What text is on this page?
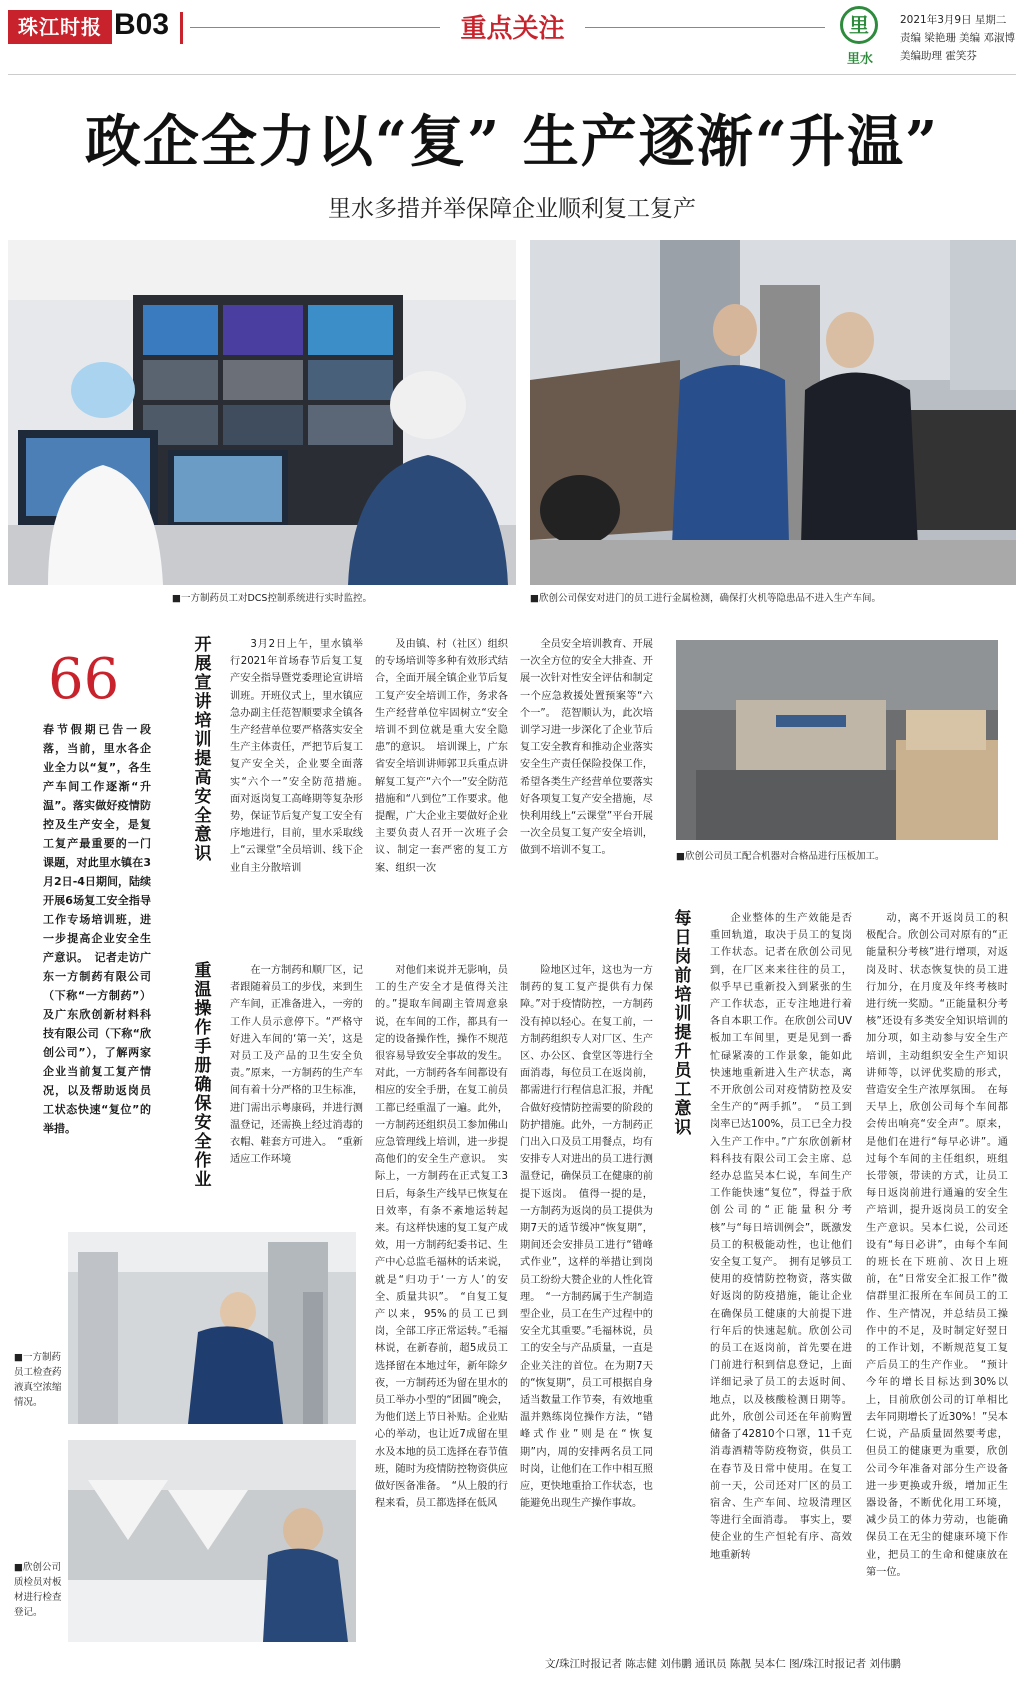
珠江时报 B03	重点关注	里
里水
2021年3月9日 星期二
责编 梁艳珊 美编 邓淑博
美编助理 霍笑芬
政企全力以“复” 生产逐渐“升温”
里水多措并举保障企业顺利复工复产
■一方制药员工对DCS控制系统进行实时监控。	■欣创公司保安对进门的员工进行金属检测，确保打火机等隐患品不进入生产车间。
66
春节假期已告一段落，当前，里水各企业全力以“复”，各生产车间工作逐渐“升温”。落实做好疫情防控及生产安全，是复工复产最重要的一门课题，对此里水镇在3月2日-4日期间，陆续开展6场复工安全指导工作专场培训班，进一步提高企业安全生产意识。　记者走访广东一方制药有限公司（下称“一方制药”）及广东欣创新材料科技有限公司（下称“欣创公司”），了解两家企业当前复工复产情况，以及帮助返岗员工状态快速“复位”的举措。
开展宣讲培训 提高安全意识

3月2日上午，里水镇举行2021年首场春节后复工复产安全指导暨党委理论宣讲培训班。开班仪式上，里水镇应急办副主任范智顺要求全镇各生产经营单位要严格落实安全生产主体责任，严把节后复工复产安全关，企业要全面落实“六个一”安全防范措施。　面对返岗复工高峰期等复杂形势，保证节后复产复工安全有序地进行，目前，里水采取线上“云课堂”全员培训、线下企业自主分散培训

及由镇、村（社区）组织的专场培训等多种有效形式结合，全面开展全镇企业节后复工复产安全培训工作，务求各生产经营单位牢固树立“安全培训不到位就是重大安全隐患”的意识。　培训课上，广东省安全培训讲师郭卫兵重点讲解复工复产“六个一”安全防范措施和“八到位”工作要求。他提醒，广大企业主要做好企业主要负责人召开一次班子会议、制定一套严密的复工方案、组织一次

全员安全培训教育、开展一次全方位的安全大排查、开展一次针对性安全评估和制定一个应急救援处置预案等“六个一”。　范智顺认为，此次培训学习进一步深化了企业节后复工安全教育和推动企业落实安全生产责任保险投保工作，希望各类生产经营单位要落实好各项复工复产安全措施，尽快利用线上“云课堂”平台开展一次全员复工复产安全培训，做到不培训不复工。

■欣创公司员工配合机器对合格品进行压板加工。
重温操作手册 确保安全作业

在一方制药和顺厂区，记者跟随着员工的步伐，来到生产车间，正准备进入，一旁的工作人员示意停下。“严格守好进入车间的‘第一关’，这是对员工及产品的卫生安全负责。”原来，一方制药的生产车间有着十分严格的卫生标准，进门需出示粤康码，并进行测温登记，还需换上经过消毒的衣帽、鞋套方可进入。　“重新适应工作环境

对他们来说并无影响，员工的生产安全才是值得关注的。”提取车间副主管周意泉说，在车间的工作，都具有一定的设备操作性，操作不规范很容易导致安全事故的发生。对此，一方制药各车间都设有相应的安全手册，在复工前员工都已经重温了一遍。此外，一方制药还组织员工参加佛山应急管理线上培训，进一步提高他们的安全生产意识。　实际上，一方制药在正式复工3日后，每条生产线早已恢复在日效率，有条不紊地运转起来。有这样快速的复工复产成效，用一方制药纪委书记、生产中心总监毛福林的话来说，就是“归功于‘一方人’的安全、质量共识”。　“自复工复产以来，95%的员工已到岗，全部工序正常运转。”毛福林说，在新春前，超5成员工选择留在本地过年，新年除夕夜，一方制药还为留在里水的员工举办小型的“团圆”晚会，为他们送上节日补贴。企业贴心的举动，也让近7成留在里水及本地的员工选择在春节值班，随时为疫情防控物资供应做好医备准备。　“从上般的行程来看，员工都选择在低风

险地区过年，这也为一方制药的复工复产提供有力保障。”对于疫情防控，一方制药没有掉以轻心。在复工前，一方制药组织专人对厂区、生产区、办公区、食堂区等进行全面消毒，每位员工在返岗前，都需进行行程信息汇报，并配合做好疫情防控需要的阶段的防护措施。此外，一方制药正门出入口及员工用餐点，均有安排专人对进出的员工进行测温登记，确保员工在健康的前提下返岗。　值得一提的是，一方制药为返岗的员工提供为期7天的适节缓冲“恢复期”，期间还会安排员工进行“错峰式作业”，这样的举措让到岗员工纷纷大赞企业的人性化管理。　“一方制药属于生产制造型企业，员工在生产过程中的安全尤其重要。”毛福林说，员工的安全与产品质量，一直是企业关注的首位。在为期7天的“恢复期”，员工可根据自身适当数量工作节奏，有效地重温并熟练岗位操作方法，“错峰式作业”则是在“恢复期”内，周的安排两名员工同时岗，让他们在工作中相互照应，更快地重拾工作状态，也能避免出现生产操作事故。

每日岗前培训 提升员工意识

企业整体的生产效能是否重回轨道，取决于员工的复岗工作状态。记者在欣创公司见到，在厂区来来往往的员工，似乎早已重新投入到紧张的生产工作状态，正专注地进行着各自本职工作。在欣创公司UV板加工车间里，更是见到一番忙碌紧凑的工作景象，能如此快速地重新进入生产状态，离不开欣创公司对疫情防控及安全生产的“两手抓”。　“员工到岗率已达100%，员工已全力投入生产工作中。”广东欣创新材料科技有限公司工会主席、总经办总监吴本仁说，车间生产工作能快速“复位”，得益于欣创公司的“正能量积分考核”与“每日培训例会”，既激发员工的积极能动性，也让他们安全复工复产。　拥有足够员工使用的疫情防控物资，落实做好返岗的防疫措施，能让企业在确保员工健康的大前提下进行年后的快速起航。欣创公司的员工在返岗前，首先要在进门前进行积到信息登记，上面详细记录了员工的去返时间、地点，以及核酸检测日期等。此外，欣创公司还在年前购置储备了42810个口罩，11千克消毒酒精等防疫物资，供员工在春节及日常中使用。在复工前一天，公司还对厂区的员工宿舍、生产车间、垃圾清理区等进行全面消毒。　事实上，要使企业的生产恒轮有序、高效地重新转

动，离不开返岗员工的积极配合。欣创公司对原有的“正能量积分考核”进行增项，对返岗及时、状态恢复快的员工进行加分，在月度及年终考核时进行统一奖励。“正能量积分考核”还设有多类安全知识培训的加分项，如主动参与安全生产培训，主动组织安全生产知识讲师等，以评优奖励的形式，营造安全生产浓厚氛围。　在每天早上，欣创公司每个车间都会传出响亮“安全声”。原来，是他们在进行“每早必讲”。通过每个车间的主任组织，班组长带领，带读的方式，让员工每日返岗前进行通遍的安全生产培训，提升返岗员工的安全生产意识。吴本仁说，公司还设有“每日必讲”，由每个车间的班长在下班前、次日上班前，在“日常安全汇报工作”微信群里汇报所在车间员工的工作、生产情况，并总结员工操作中的不足，及时制定好翌日的工作计划，不断规范复工复产后员工的生产作业。　“预计今年的增长目标达到30%以上，目前欣创公司的订单相比去年同期增长了近30%！”吴本仁说，产品质量固然要考虑，但员工的健康更为重要，欣创公司今年准备对部分生产设备进一步更换或升级，增加正生器设备，不断优化用工环境，减少员工的体力劳动，也能确保员工在无尘的健康环境下作业，把员工的生命和健康放在第一位。

■一方制药员工检查药液真空浓缩情况。
■欣创公司质检员对板材进行检查登记。
文/珠江时报记者 陈志健 刘伟鹏 通讯员 陈靓 吴本仁 图/珠江时报记者 刘伟鹏
